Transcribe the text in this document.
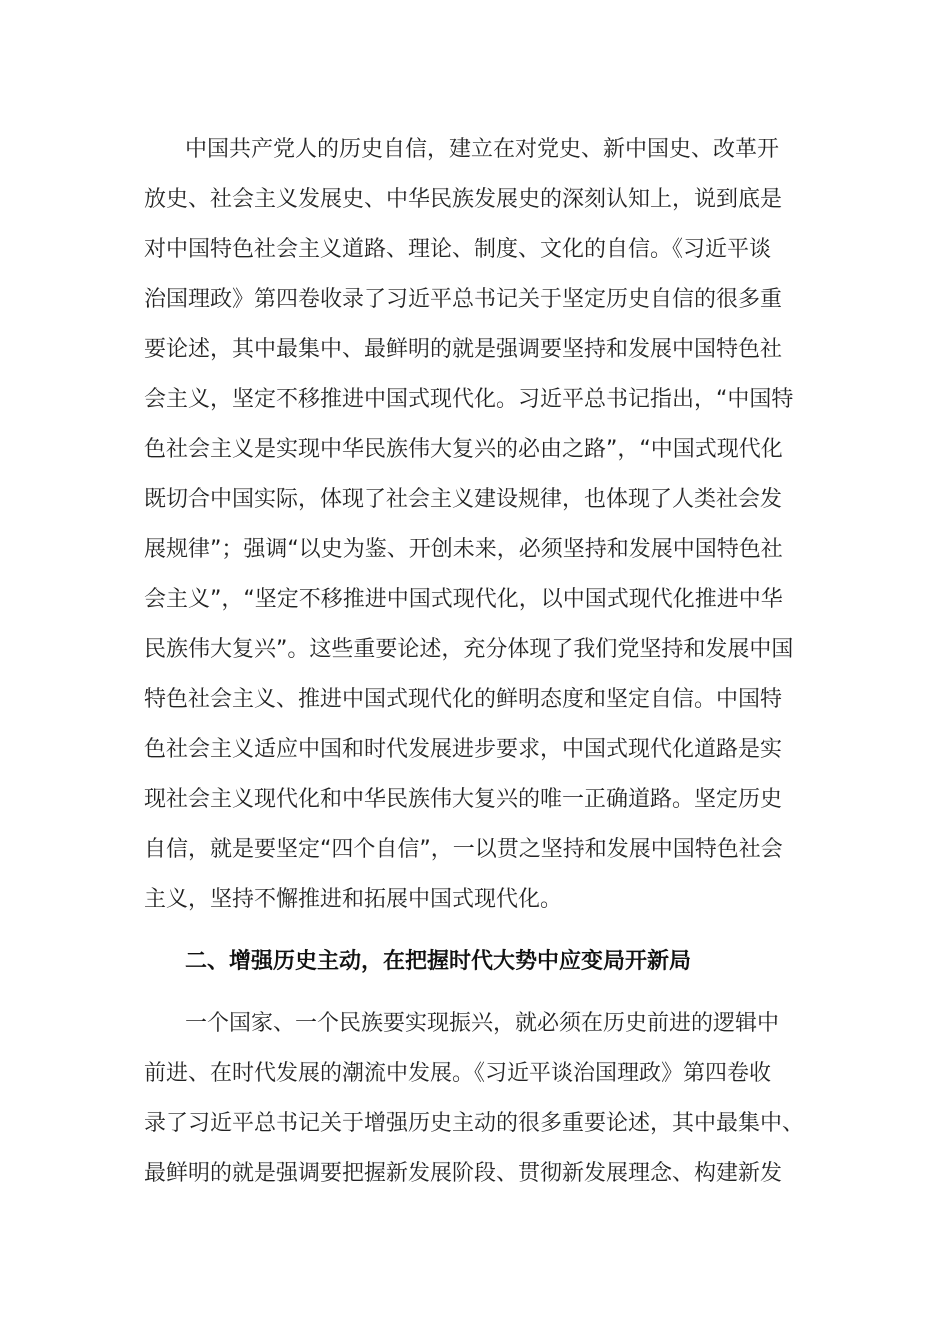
中国共产党人的历史自信，建立在对党史、新中国史、改革开
放史、社会主义发展史、中华民族发展史的深刻认知上，说到底是
对中国特色社会主义道路、理论、制度、文化的自信。《习近平谈
治国理政》第四卷收录了习近平总书记关于坚定历史自信的很多重
要论述，其中最集中、最鲜明的就是强调要坚持和发展中国特色社
会主义，坚定不移推进中国式现代化。习近平总书记指出，“中国特
色社会主义是实现中华民族伟大复兴的必由之路”，“中国式现代化
既切合中国实际，体现了社会主义建设规律，也体现了人类社会发
展规律”；强调“以史为鉴、开创未来，必须坚持和发展中国特色社
会主义”，“坚定不移推进中国式现代化，以中国式现代化推进中华
民族伟大复兴”。这些重要论述，充分体现了我们党坚持和发展中国
特色社会主义、推进中国式现代化的鲜明态度和坚定自信。中国特
色社会主义适应中国和时代发展进步要求，中国式现代化道路是实
现社会主义现代化和中华民族伟大复兴的唯一正确道路。坚定历史
自信，就是要坚定“四个自信”，一以贯之坚持和发展中国特色社会
主义，坚持不懈推进和拓展中国式现代化。
二、增强历史主动，在把握时代大势中应变局开新局
一个国家、一个民族要实现振兴，就必须在历史前进的逻辑中
前进、在时代发展的潮流中发展。《习近平谈治国理政》第四卷收
录了习近平总书记关于增强历史主动的很多重要论述，其中最集中、
最鲜明的就是强调要把握新发展阶段、贯彻新发展理念、构建新发
